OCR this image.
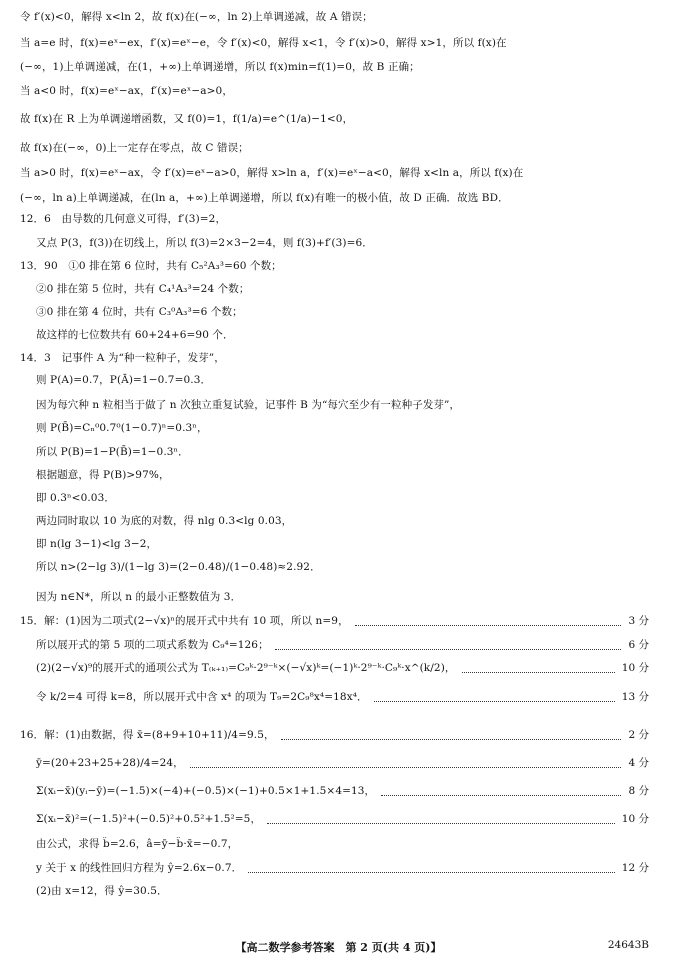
令 f′(x)<0，解得 x<ln 2，故 f(x)在(−∞，ln 2)上单调递减，故 A 错误；
当 a=e 时，f(x)=eˣ−ex，f′(x)=eˣ−e，令 f′(x)<0，解得 x<1，令 f′(x)>0，解得 x>1，所以 f(x)在
(−∞，1)上单调递减，在(1，+∞)上单调递增，所以 f(x)min=f(1)=0，故 B 正确；
当 a<0 时，f(x)=eˣ−ax，f′(x)=eˣ−a>0，
故 f(x)在 R 上为单调递增函数，又 f(0)=1，f(1/a)=e^(1/a)−1<0，
故 f(x)在(−∞，0)上一定存在零点，故 C 错误；
当 a>0 时，f(x)=eˣ−ax，令 f′(x)=eˣ−a>0，解得 x>ln a，f′(x)=eˣ−a<0，解得 x<ln a，所以 f(x)在
(−∞，ln a)上单调递减，在(ln a，+∞)上单调递增，所以 f(x)有唯一的极小值，故 D 正确．故选 BD．
12．6　由导数的几何意义可得，f′(3)=2，
又点 P(3，f(3))在切线上，所以 f(3)=2×3−2=4，则 f(3)+f′(3)=6．
13．90　①0 排在第 6 位时，共有 C₅²A₃³=60 个数；
②0 排在第 5 位时，共有 C₄¹A₃³=24 个数；
③0 排在第 4 位时，共有 C₃⁰A₃³=6 个数；
故这样的七位数共有 60+24+6=90 个．
14．3　记事件 A 为“种一粒种子，发芽”，
则 P(A)=0.7，P(Ā)=1−0.7=0.3．
因为每穴种 n 粒相当于做了 n 次独立重复试验，记事件 B 为“每穴至少有一粒种子发芽”，
则 P(B̄)=Cₙ⁰0.7⁰(1−0.7)ⁿ=0.3ⁿ，
所以 P(B)=1−P(B̄)=1−0.3ⁿ．
根据题意，得 P(B)>97%，
即 0.3ⁿ<0.03．
两边同时取以 10 为底的对数，得 nlg 0.3<lg 0.03，
即 n(lg 3−1)<lg 3−2，
所以 n>(2−lg 3)/(1−lg 3)=(2−0.48)/(1−0.48)≈2.92．
因为 n∈N*，所以 n 的最小正整数值为 3．
15．解：(1)因为二项式(2−√x)ⁿ的展开式中共有 10 项，所以 n=9，	3 分
所以展开式的第 5 项的二项式系数为 C₉⁴=126；	6 分
(2)(2−√x)⁹的展开式的通项公式为 T₍ₖ₊₁₎=C₉ᵏ·2⁹⁻ᵏ×(−√x)ᵏ=(−1)ᵏ·2⁹⁻ᵏ·C₉ᵏ·x^(k/2)，	10 分
令 k/2=4 可得 k=8，所以展开式中含 x⁴ 的项为 T₉=2C₉⁸x⁴=18x⁴．	13 分
16．解：(1)由数据，得 x̄=(8+9+10+11)/4=9.5，	2 分
ȳ=(20+23+25+28)/4=24，	4 分
Σ(xᵢ−x̄)(yᵢ−ȳ)=(−1.5)×(−4)+(−0.5)×(−1)+0.5×1+1.5×4=13，	8 分
Σ(xᵢ−x̄)²=(−1.5)²+(−0.5)²+0.5²+1.5²=5，	10 分
由公式，求得 b̂=2.6，â=ȳ−b̂·x̄=−0.7，
y 关于 x 的线性回归方程为 ŷ=2.6x−0.7．	12 分
(2)由 x=12，得 ŷ=30.5．
【高二数学参考答案　第 2 页(共 4 页)】	24643B
